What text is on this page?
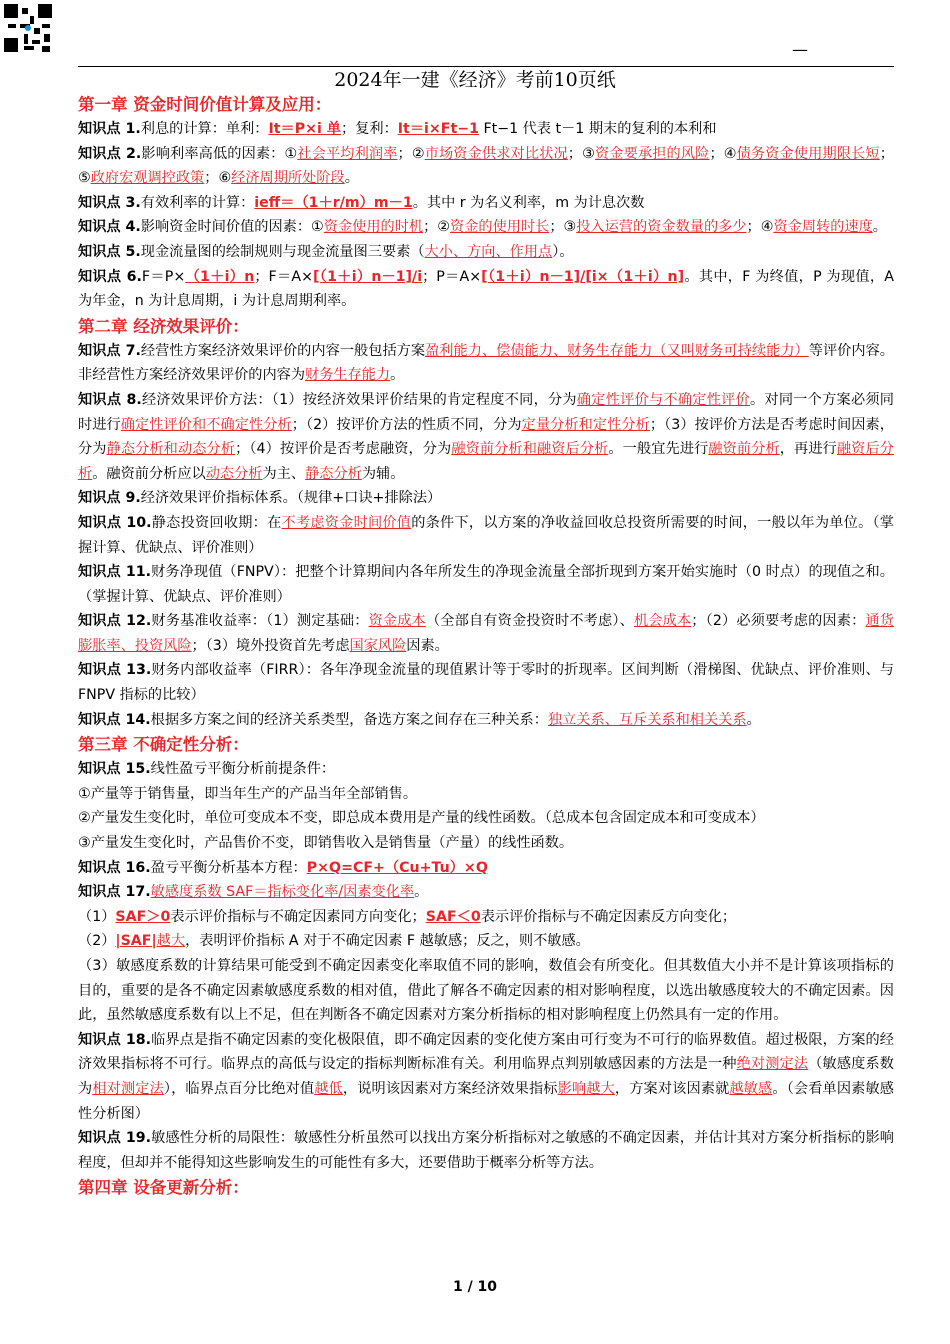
—
2024年一建《经济》考前10页纸

第一章 资金时间价值计算及应用：

知识点 1.利息的计算：单利：It＝P×i 单；复利：It＝i×Ft−1 Ft−1 代表 t－1 期末的复利的本利和

知识点 2.影响利率高低的因素：①社会平均利润率；②市场资金供求对比状况；③资金要承担的风险；④债务资金使用期限长短；⑤政府宏观调控政策；⑥经济周期所处阶段。

知识点 3.有效利率的计算：ieff＝（1＋r/m）m－1。其中 r 为名义利率，m 为计息次数

知识点 4.影响资金时间价值的因素：①资金使用的时机；②资金的使用时长；③投入运营的资金数量的多少；④资金周转的速度。

知识点 5.现金流量图的绘制规则与现金流量图三要素（大小、方向、作用点）。

知识点 6.F＝P×（1＋i）n；F＝A×[（1＋i）n－1]/i；P＝A×[（1＋i）n－1]/[i×（1＋i）n]。其中，F 为终值，P 为现值，A 为年金，n 为计息周期，i 为计息周期利率。

第二章 经济效果评价：

知识点 7.经营性方案经济效果评价的内容一般包括方案盈利能力、偿债能力、财务生存能力（又叫财务可持续能力）等评价内容。非经营性方案经济效果评价的内容为财务生存能力。

知识点 8.经济效果评价方法：（1）按经济效果评价结果的肯定程度不同，分为确定性评价与不确定性评价。对同一个方案必须同时进行确定性评价和不确定性分析；（2）按评价方法的性质不同，分为定量分析和定性分析；（3）按评价方法是否考虑时间因素，分为静态分析和动态分析；（4）按评价是否考虑融资，分为融资前分析和融资后分析。一般宜先进行融资前分析，再进行融资后分析。融资前分析应以动态分析为主、静态分析为辅。

知识点 9.经济效果评价指标体系。（规律+口诀+排除法）

知识点 10.静态投资回收期：在不考虑资金时间价值的条件下，以方案的净收益回收总投资所需要的时间，一般以年为单位。（掌握计算、优缺点、评价准则）

知识点 11.财务净现值（FNPV）：把整个计算期间内各年所发生的净现金流量全部折现到方案开始实施时（0 时点）的现值之和。（掌握计算、优缺点、评价准则）

知识点 12.财务基准收益率：（1）测定基础：资金成本（全部自有资金投资时不考虑）、机会成本；（2）必须要考虑的因素：通货膨胀率、投资风险；（3）境外投资首先考虑国家风险因素。

知识点 13.财务内部收益率（FIRR）：各年净现金流量的现值累计等于零时的折现率。区间判断（滑梯图、优缺点、评价准则、与 FNPV 指标的比较）

知识点 14.根据多方案之间的经济关系类型，备选方案之间存在三种关系：独立关系、互斥关系和相关关系。

第三章 不确定性分析：

知识点 15.线性盈亏平衡分析前提条件：

①产量等于销售量，即当年生产的产品当年全部销售。

②产量发生变化时，单位可变成本不变，即总成本费用是产量的线性函数。（总成本包含固定成本和可变成本）

③产量发生变化时，产品售价不变，即销售收入是销售量（产量）的线性函数。

知识点 16.盈亏平衡分析基本方程：P×Q=CF+（Cu+Tu）×Q

知识点 17.敏感度系数 SAF＝指标变化率/因素变化率。

（1）SAF＞0表示评价指标与不确定因素同方向变化；SAF＜0表示评价指标与不确定因素反方向变化；

（2）|SAF|越大，表明评价指标 A 对于不确定因素 F 越敏感；反之，则不敏感。

（3）敏感度系数的计算结果可能受到不确定因素变化率取值不同的影响，数值会有所变化。但其数值大小并不是计算该项指标的目的，重要的是各不确定因素敏感度系数的相对值，借此了解各不确定因素的相对影响程度，以选出敏感度较大的不确定因素。因此，虽然敏感度系数有以上不足，但在判断各不确定因素对方案分析指标的相对影响程度上仍然具有一定的作用。

知识点 18.临界点是指不确定因素的变化极限值，即不确定因素的变化使方案由可行变为不可行的临界数值。超过极限，方案的经济效果指标将不可行。临界点的高低与设定的指标判断标准有关。利用临界点判别敏感因素的方法是一种绝对测定法（敏感度系数为相对测定法），临界点百分比绝对值越低，说明该因素对方案经济效果指标影响越大，方案对该因素就越敏感。（会看单因素敏感性分析图）

知识点 19.敏感性分析的局限性：敏感性分析虽然可以找出方案分析指标对之敏感的不确定因素，并估计其对方案分析指标的影响程度，但却并不能得知这些影响发生的可能性有多大，还要借助于概率分析等方法。

第四章 设备更新分析：

1 / 10
